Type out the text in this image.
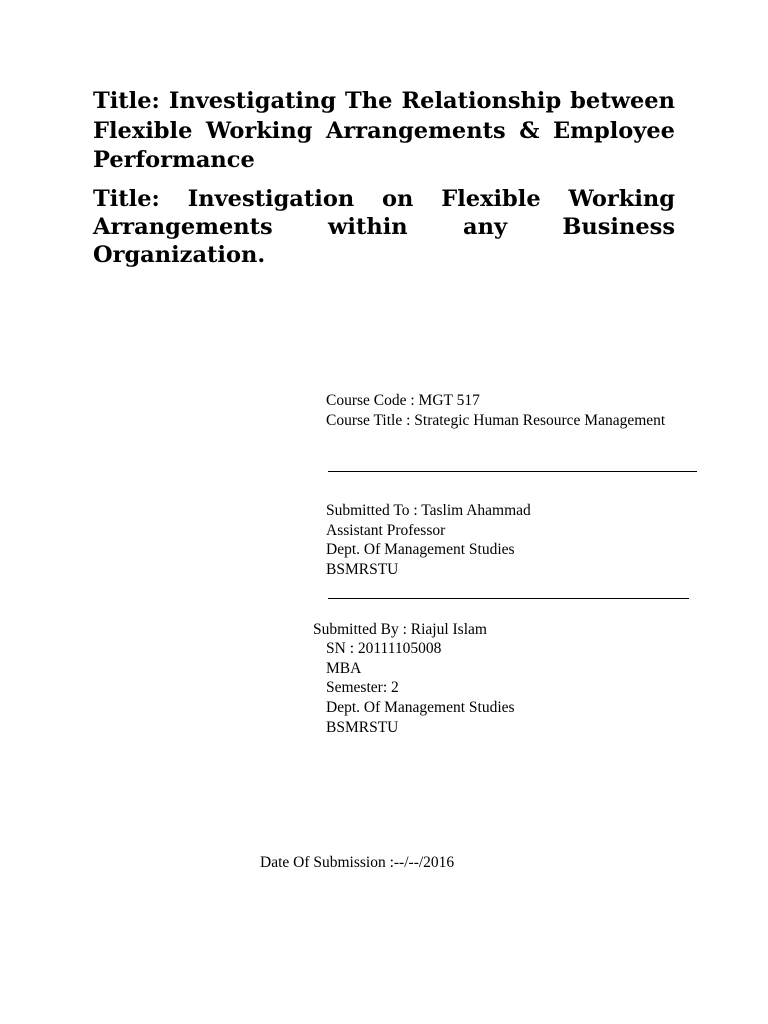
Title: Investigating The Relationship between Flexible Working Arrangements & Employee Performance

Title: Investigation on Flexible Working Arrangements within any Business Organization.

Course Code : MGT 517
Course Title : Strategic Human Resource Management
Submitted To : Taslim Ahammad
Assistant Professor
Dept. Of Management Studies
BSMRSTU
Submitted By : Riajul Islam
SN : 20111105008
MBA
Semester: 2
Dept. Of Management Studies
BSMRSTU
Date Of Submission :--/--/2016
